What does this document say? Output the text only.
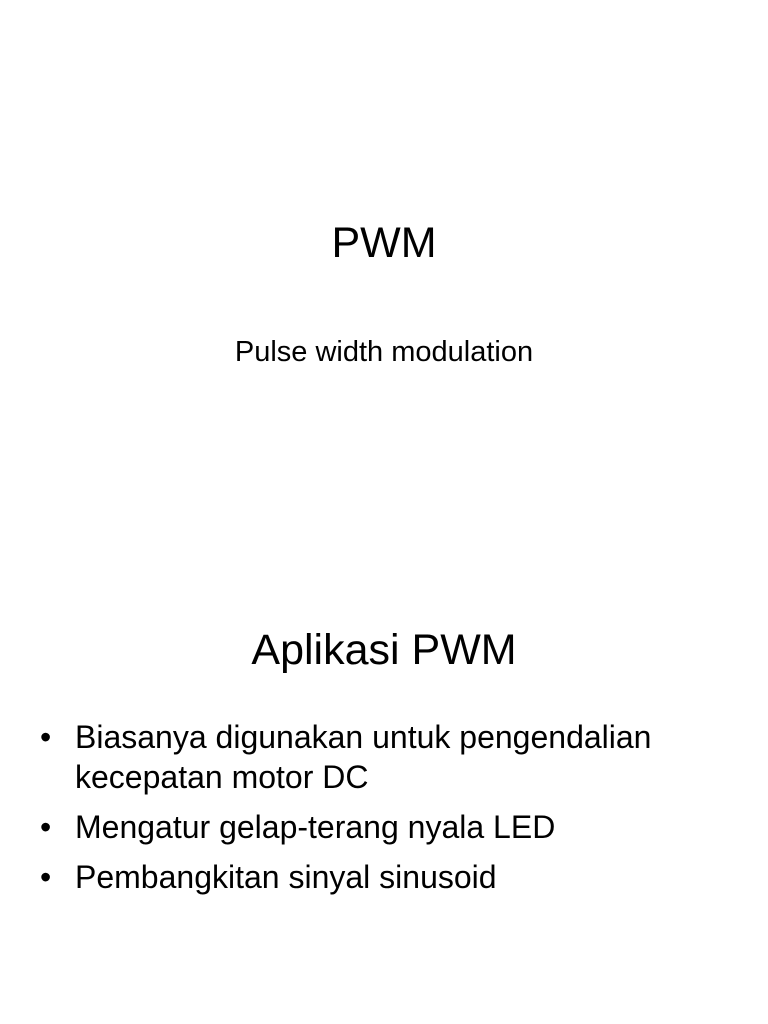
PWM

Pulse width modulation

Aplikasi PWM
• Biasanya digunakan untuk pengendalian kecepatan motor DC
• Mengatur gelap-terang nyala LED
• Pembangkitan sinyal sinusoid
